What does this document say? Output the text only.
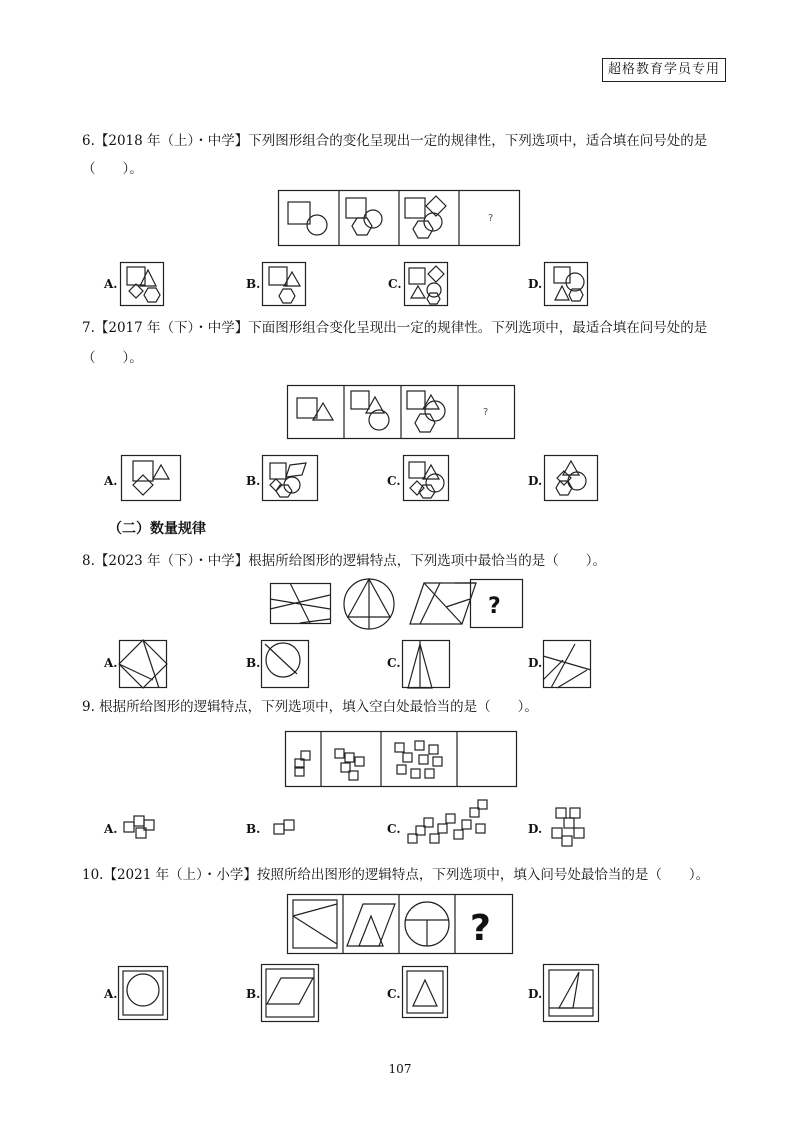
超格教育学员专用
6.【2018 年（上）・中学】下列图形组合的变化呈现出一定的规律性，下列选项中，适合填在问号处的是
（　　）。
?
A.	B.	C.	D.
7.【2017 年（下）・中学】下面图形组合变化呈现出一定的规律性。下列选项中，最适合填在问号处的是
（　　）。
?
A.	B.	C.	D.
（二）数量规律
8.【2023 年（下）・中学】根据所给图形的逻辑特点，下列选项中最恰当的是（　　）。
?
A.	B.	C.	D.
9. 根据所给图形的逻辑特点，下列选项中，填入空白处最恰当的是（　　）。
A.	B.	C.	D.
10.【2021 年（上）・小学】按照所给出图形的逻辑特点，下列选项中，填入问号处最恰当的是（　　）。
?
A.	B.	C.	D.
107
